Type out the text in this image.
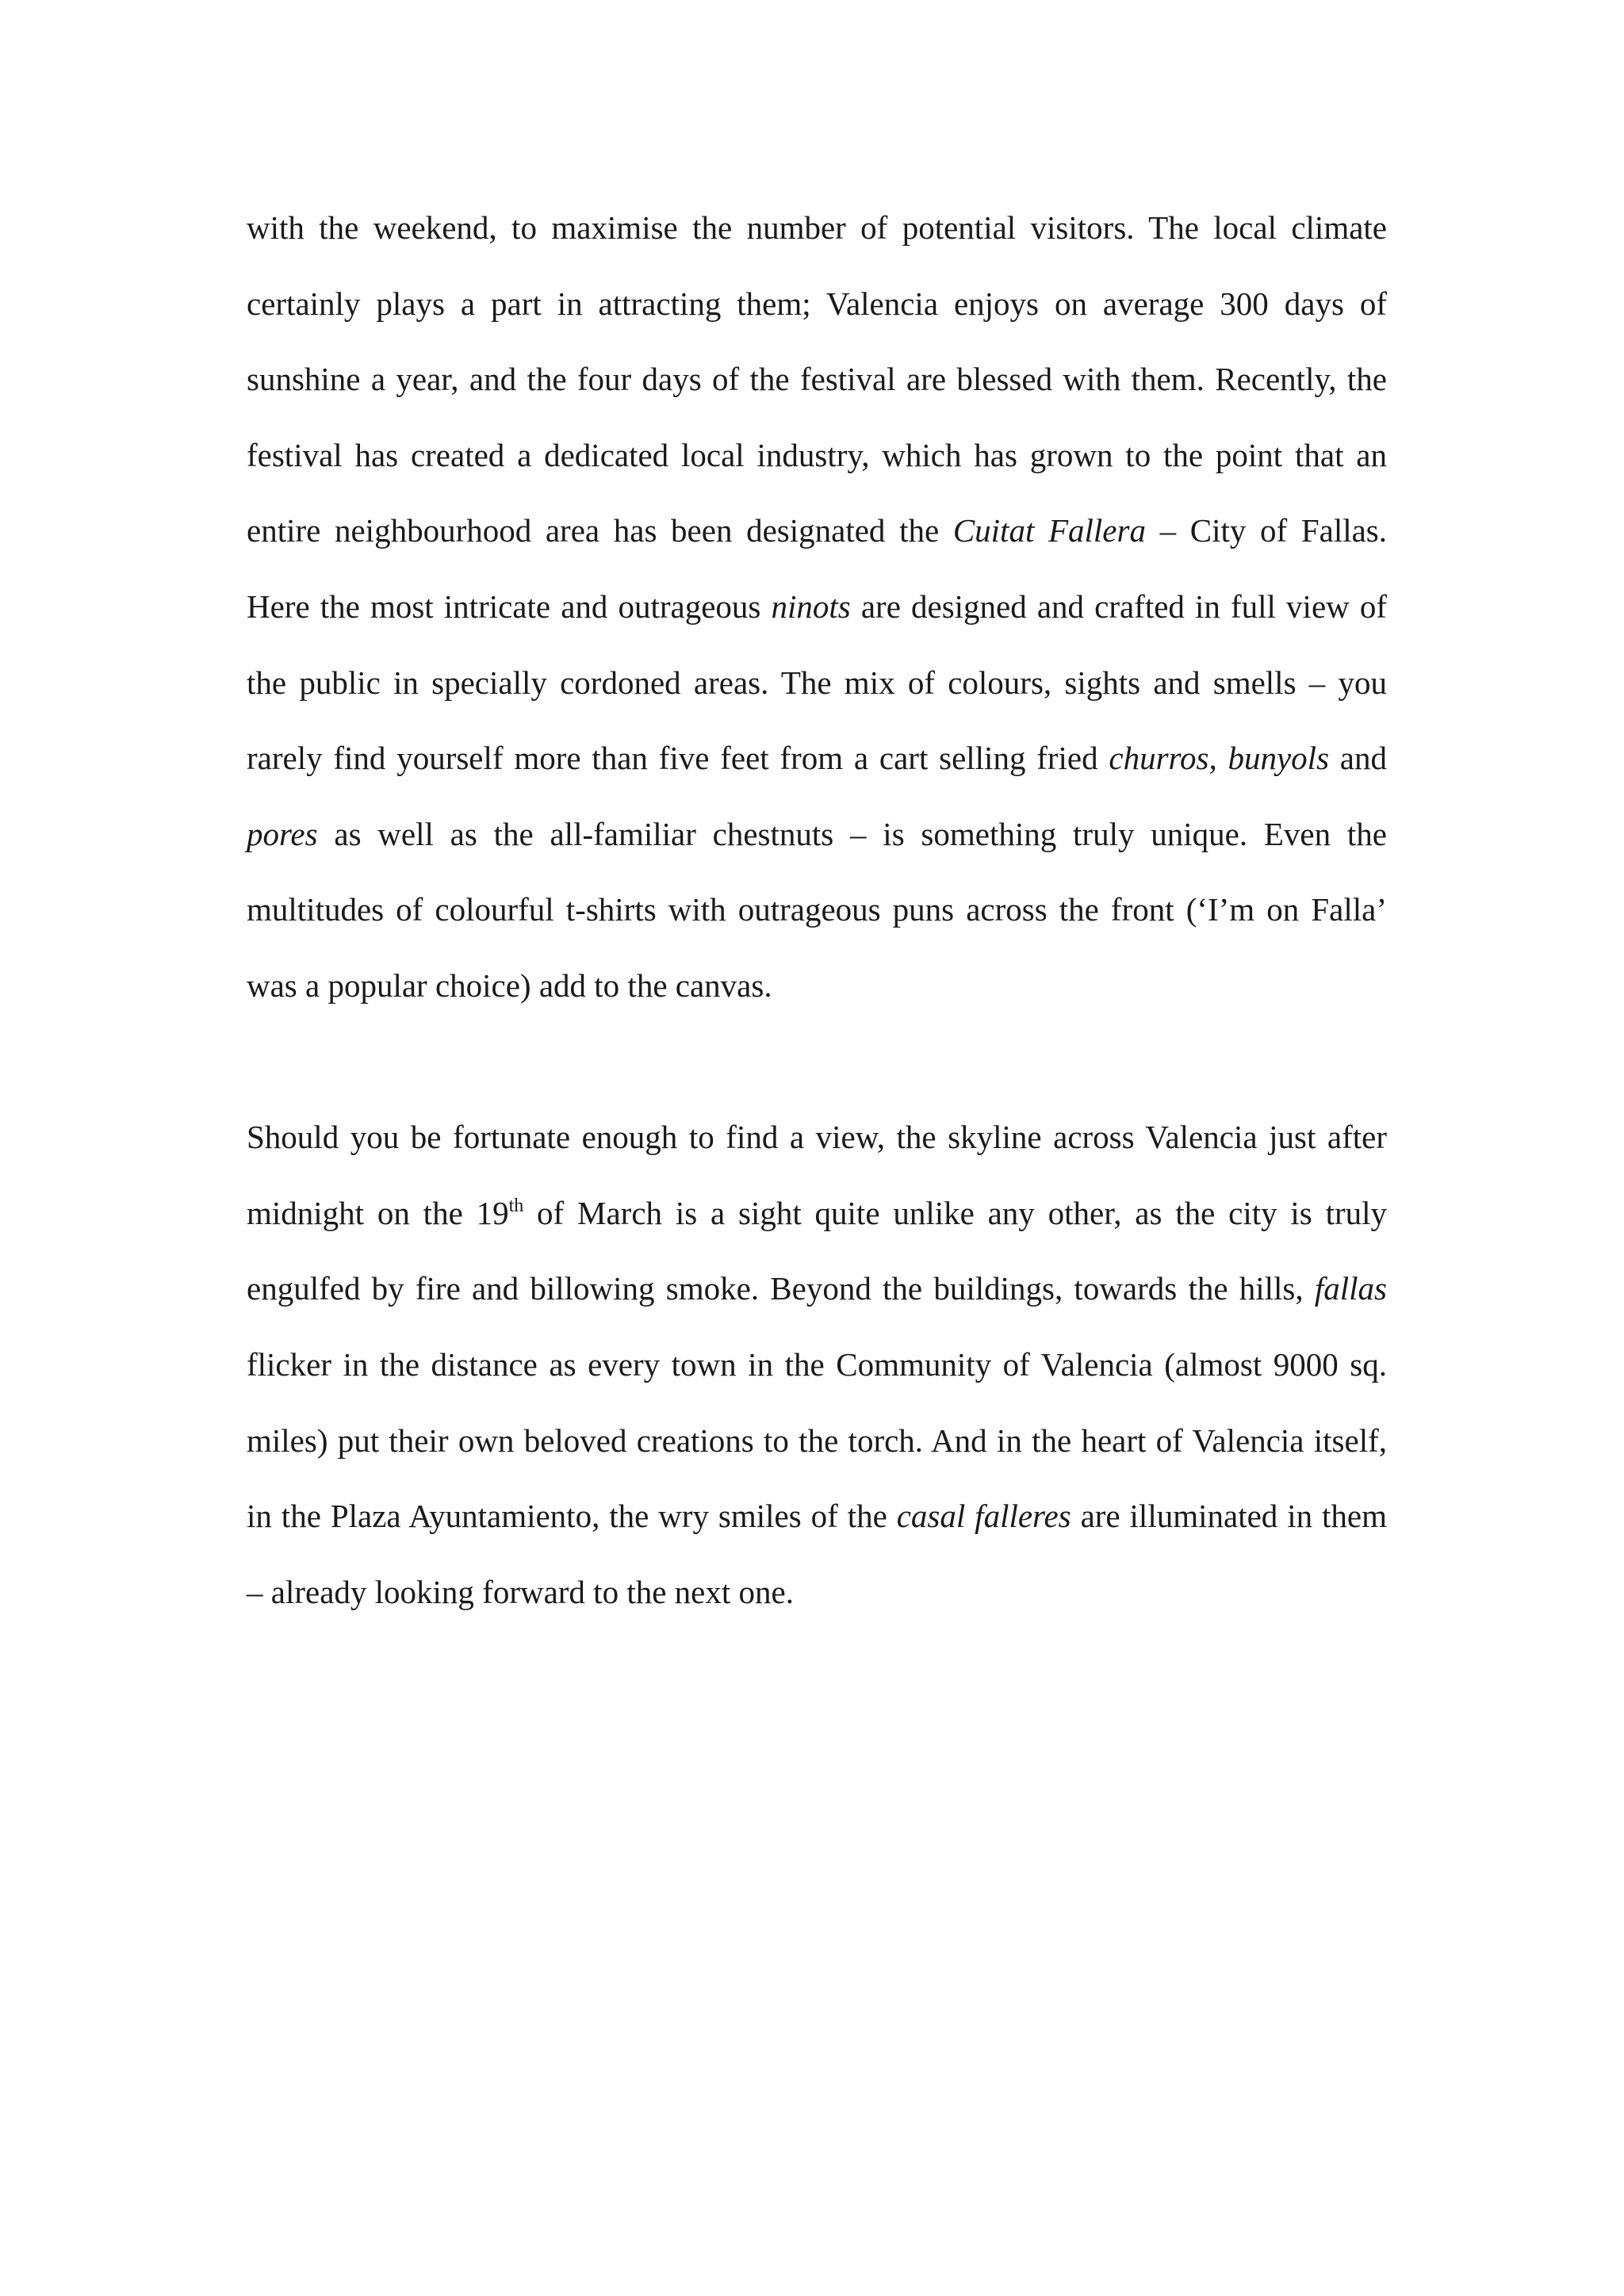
with the weekend, to maximise the number of potential visitors. The local climate certainly plays a part in attracting them; Valencia enjoys on average 300 days of sunshine a year, and the four days of the festival are blessed with them. Recently, the festival has created a dedicated local industry, which has grown to the point that an entire neighbourhood area has been designated the Cuitat Fallera – City of Fallas. Here the most intricate and outrageous ninots are designed and crafted in full view of the public in specially cordoned areas. The mix of colours, sights and smells – you rarely find yourself more than five feet from a cart selling fried churros, bunyols and pores as well as the all-familiar chestnuts – is something truly unique. Even the multitudes of colourful t-shirts with outrageous puns across the front (‘I’m on Falla’ was a popular choice) add to the canvas.

Should you be fortunate enough to find a view, the skyline across Valencia just after midnight on the 19th of March is a sight quite unlike any other, as the city is truly engulfed by fire and billowing smoke. Beyond the buildings, towards the hills, fallas flicker in the distance as every town in the Community of Valencia (almost 9000 sq. miles) put their own beloved creations to the torch. And in the heart of Valencia itself, in the Plaza Ayuntamiento, the wry smiles of the casal falleres are illuminated in them – already looking forward to the next one.
